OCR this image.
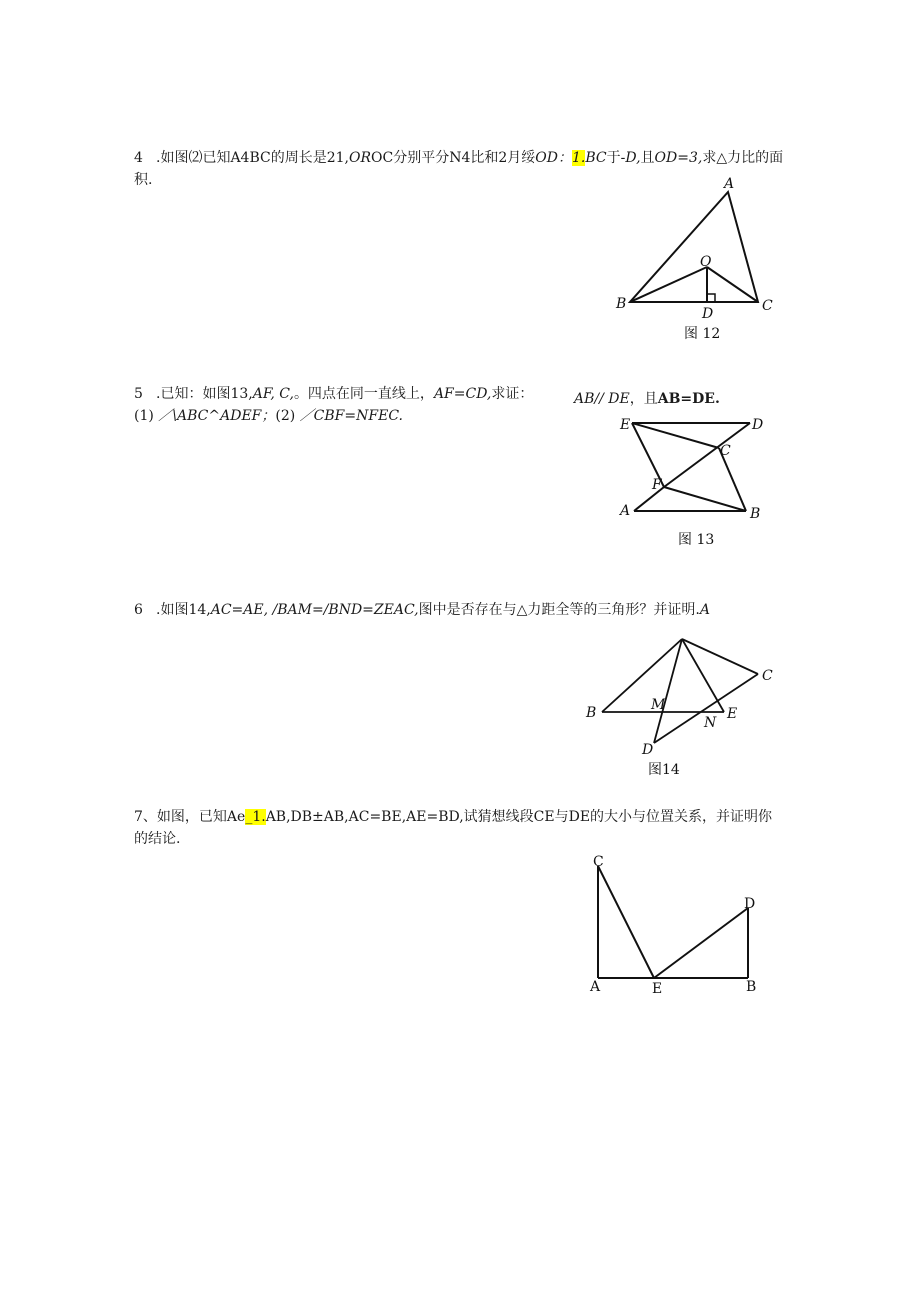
4 .如图⑵已知A4BC的周长是21,OROC分别平分N4比和2月绥OD：1.BC于-D,且OD=3,求△力比的面
积.	A
B	C
O
D
图 12
5 .已知：如图13,AF, C,。四点在同一直线上，AF=CD,求证：
(1) ／\ABC^ADEF；(2) ／CBF=NFEC.
AB// DE，且AB=DE.
E	D
C
F
A	B
图 13
6 .如图14,AC=AE, /BAM=/BND=ZEAC,图中是否存在与△力距全等的三角形？并证明.A
C
B	M
E
N
D
图14
7、如图，已知Ae_1.AB,DB±AB,AC=BE,AE=BD,试猜想线段CE与DE的大小与位置关系，并证明你
的结论.
C
D
A	E	B
